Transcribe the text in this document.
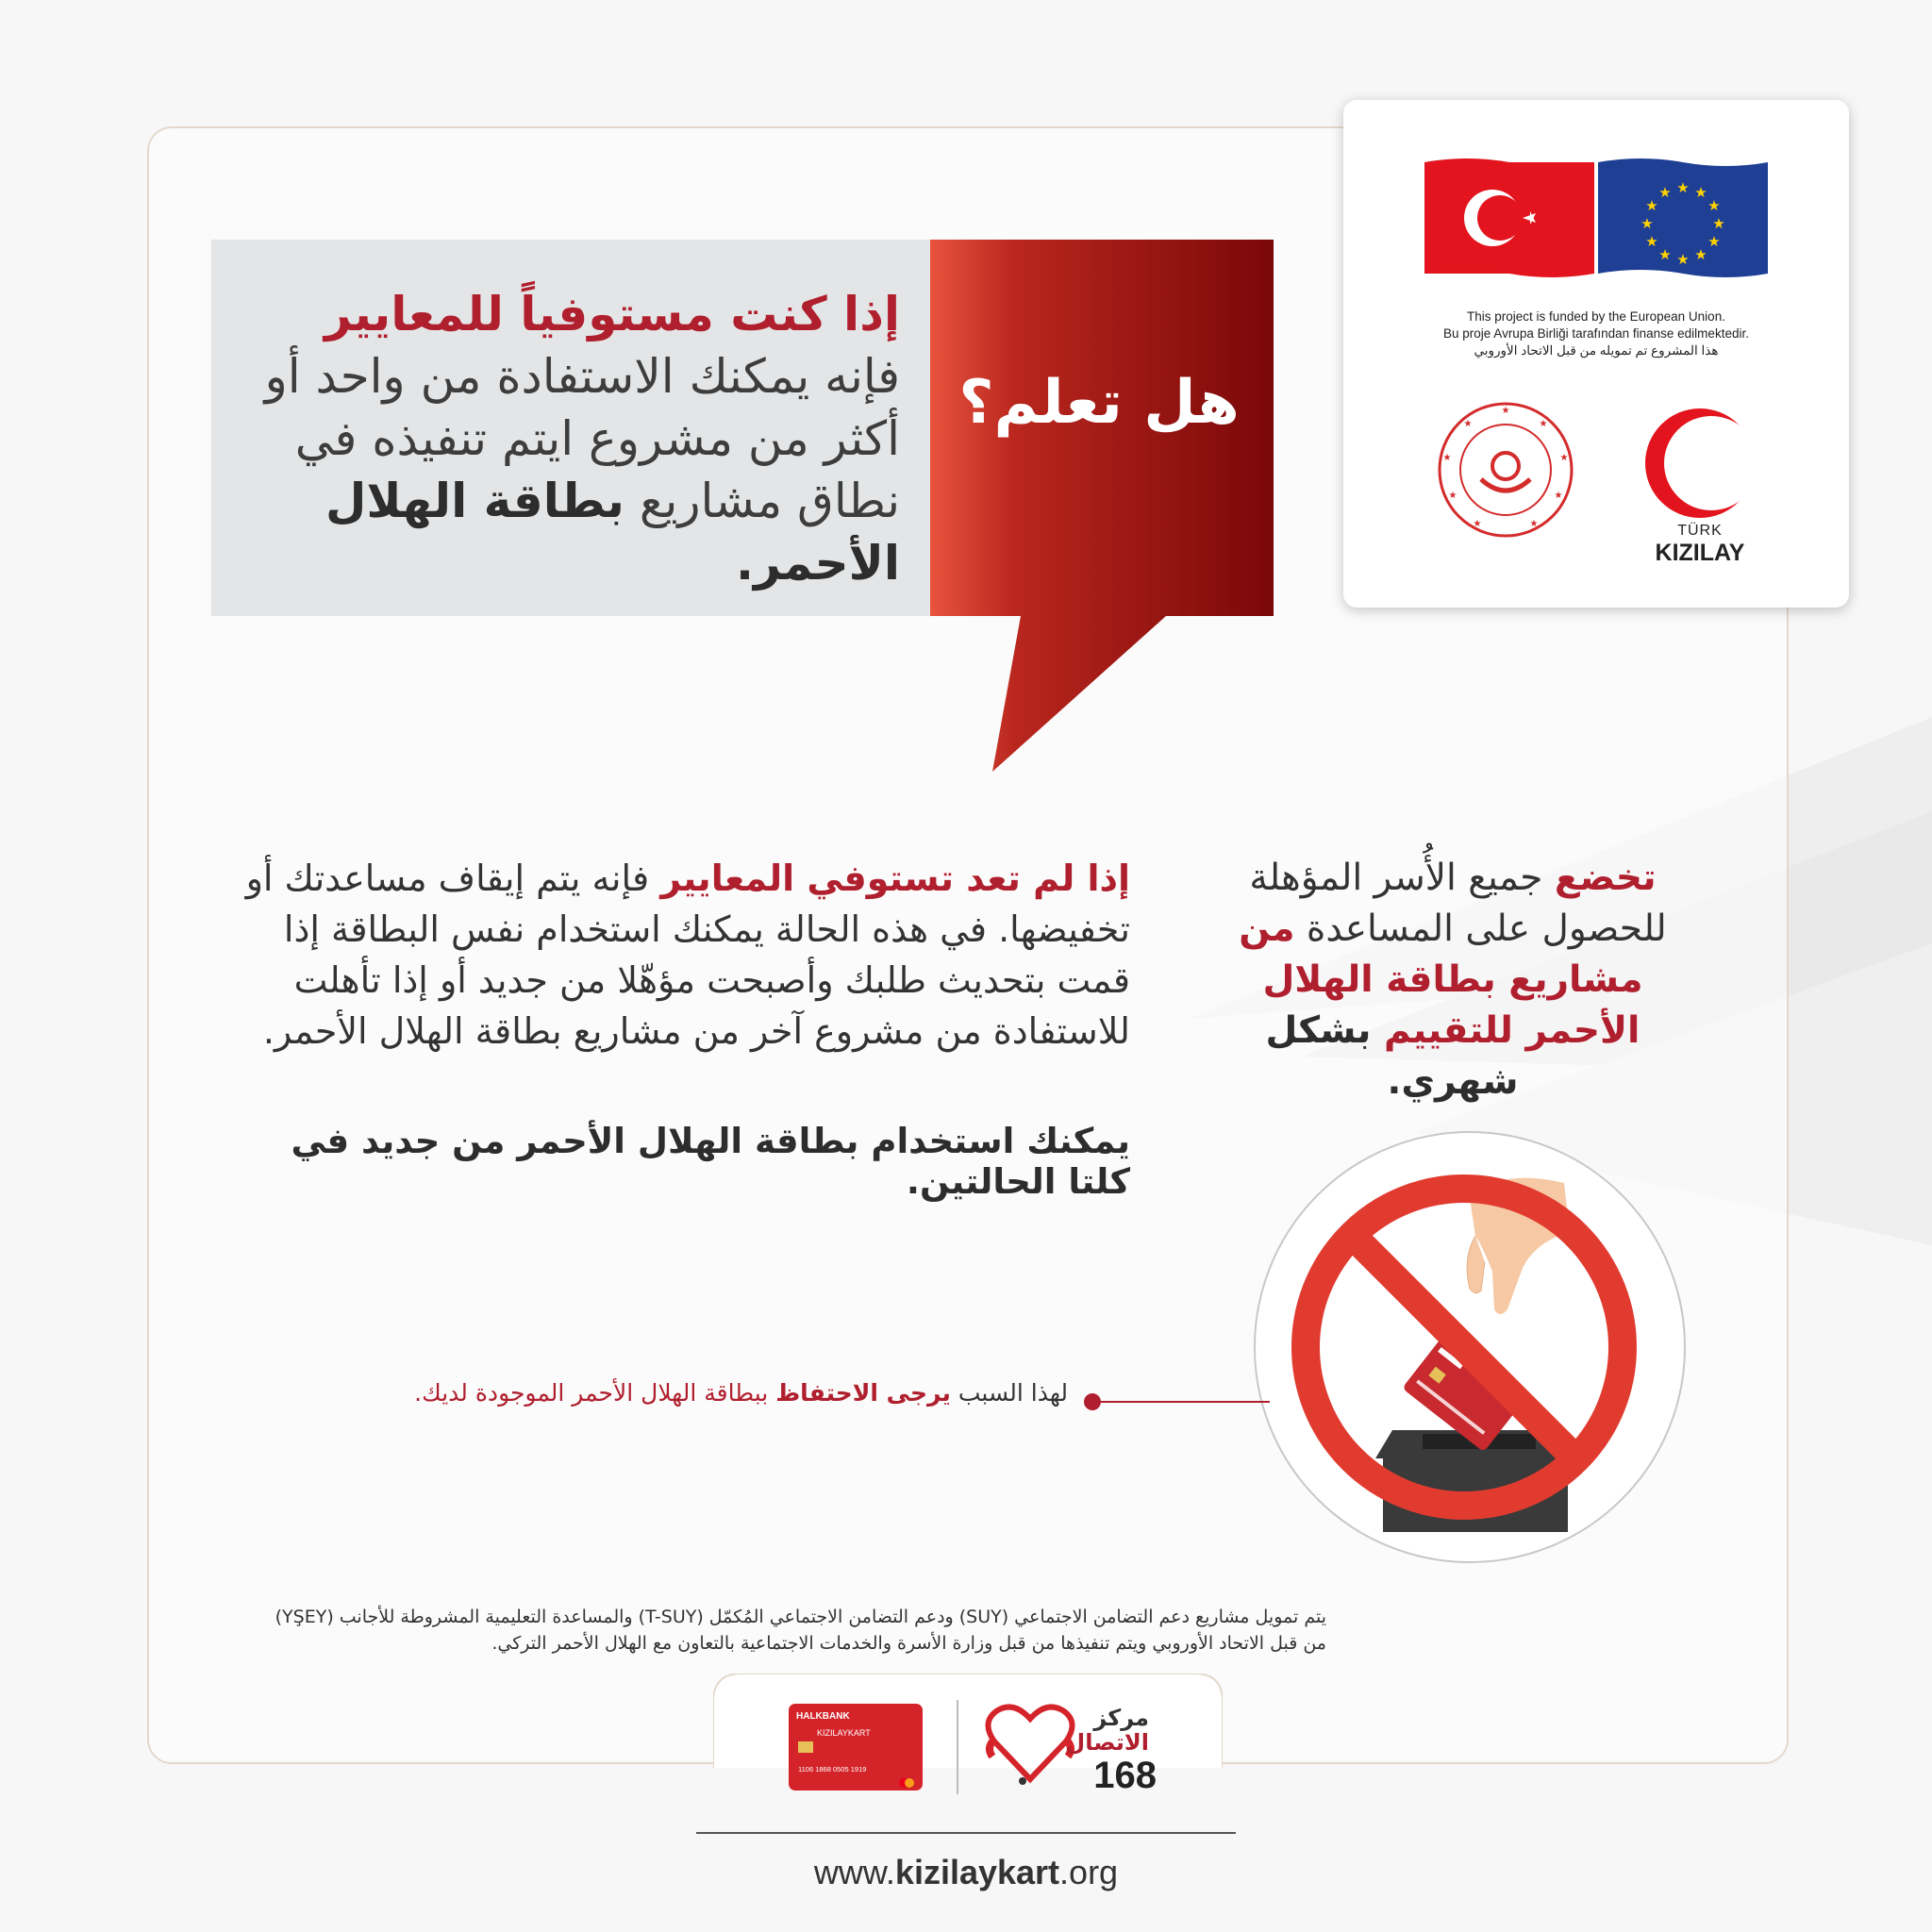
هل تعلم؟
إذا كنت مستوفياً للمعايير فإنه يمكنك الاستفادة من واحد أو أكثر من مشروع ايتم تنفيذه في نطاق مشاريع بطاقة الهلال الأحمر.
★ ★
★
★
★
★
★
★
★
★
★
★
This project is funded by the European Union.
Bu proje Avrupa Birliği tarafından finanse edilmektedir.
هذا المشروع تم تمويله من قبل الاتحاد الأوروبي
★
★
★
★
★
★
★
★
★
TÜRK
KIZILAY
إذا لم تعد تستوفي المعايير فإنه يتم إيقاف مساعدتك أو تخفيضها. في هذه الحالة يمكنك استخدام نفس البطاقة إذا قمت بتحديث طلبك وأصبحت مؤهّلا من جديد أو إذا تأهلت للاستفادة من مشروع آخر من مشاريع بطاقة الهلال الأحمر.
يمكنك استخدام بطاقة الهلال الأحمر من جديد في كلتا الحالتين.
تخضع جميع الأُسر المؤهلة للحصول على المساعدة من مشاريع بطاقة الهلال الأحمر للتقييم بشكل شهري.
لهذا السبب يرجى الاحتفاظ ببطاقة الهلال الأحمر الموجودة لديك.
يتم تمويل مشاريع دعم التضامن الاجتماعي (SUY) ودعم التضامن الاجتماعي المُكمّل (T-SUY) والمساعدة التعليمية المشروطة للأجانب (YŞEY) من قبل الاتحاد الأوروبي ويتم تنفيذها من قبل وزارة الأسرة والخدمات الاجتماعية بالتعاون مع الهلال الأحمر التركي.
HALKBANK
KIZILAYKART
1106 1868 0505 1919
مركز
الاتصال
168
www.kizilaykart.org
